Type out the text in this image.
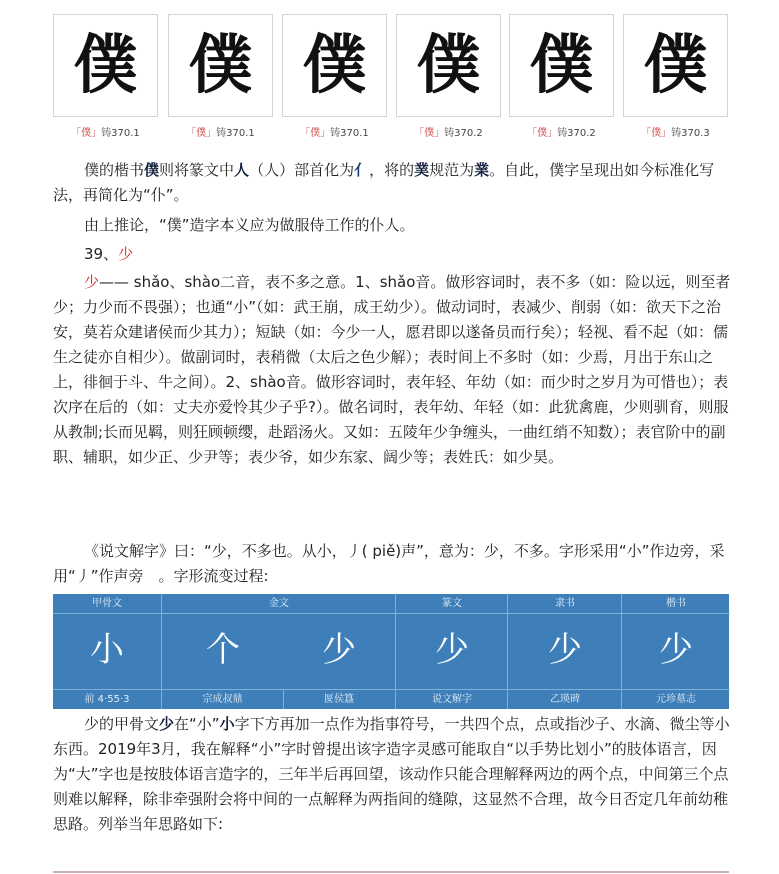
僕
「僕」铸370.1
僕
「僕」铸370.1
僕
「僕」铸370.1
僕
「僕」铸370.2
僕
「僕」铸370.2
僕
「僕」铸370.3

僕的楷书僕则将篆文中人（人）部首化为亻，将的菐规范为業。自此，僕字呈现出如今标准化写法，再简化为“仆”。

由上推论，“僕”造字本义应为做服侍工作的仆人。

39、少

少—— shǎo、shào二音，表不多之意。1、shǎo音。做形容词时，表不多（如：险以远，则至者少；力少而不畏强）；也通“小”（如：武王崩，成王幼少）。做动词时，表减少、削弱（如：欲天下之治安，莫若众建诸侯而少其力）；短缺（如：今少一人，愿君即以遂备员而行矣）；轻视、看不起（如：儒生之徒亦自相少）。做副词时，表稍微（太后之色少解）；表时间上不多时（如：少焉，月出于东山之上，徘徊于斗、牛之间）。2、shào音。做形容词时，表年轻、年幼（如：而少时之岁月为可惜也）；表次序在后的（如：丈夫亦爱怜其少子乎?）。做名词时，表年幼、年轻（如：此犹禽鹿，少则驯育，则服从教制;长而见羁，则狂顾顿缨，赴蹈汤火。又如：五陵年少争缠头，一曲红绡不知数）；表官阶中的副职、辅职，如少正、少尹等；表少爷，如少东家、阔少等；表姓氏：如少昊。

《说文解字》曰：“少，不多也。从小，丿( piě)声”，意为：少，不多。字形采用“小”作边旁，采用“丿”作声旁　。字形流变过程:

甲骨文
小
前 4·55·3
金文
个
宗成叔鼎
少
匽侯簋
篆文
少
说文解字
隶书
少
乙瑛碑
楷书
少
元珍墓志

少的甲骨文少在“小”小字下方再加一点作为指事符号，一共四个点，点或指沙子、水滴、微尘等小东西。2019年3月，我在解释“小”字时曾提出该字造字灵感可能取自“以手势比划小”的肢体语言，因为“大”字也是按肢体语言造字的，三年半后再回望，该动作只能合理解释两边的两个点，中间第三个点则难以解释，除非牵强附会将中间的一点解释为两指间的缝隙，这显然不合理，故今日否定几年前幼稚思路。列举当年思路如下:
